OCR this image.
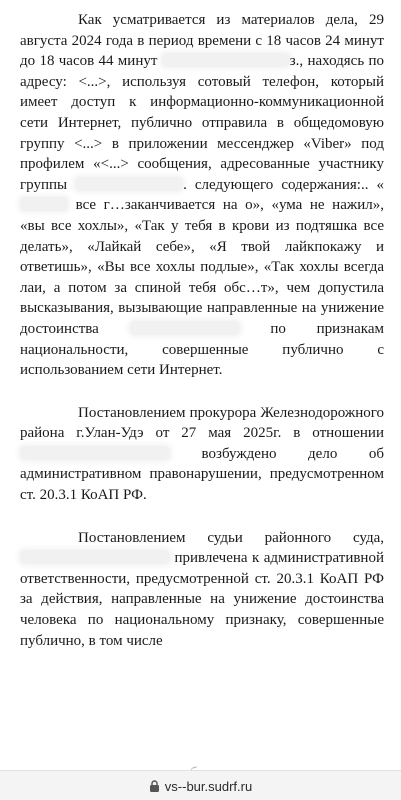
Как усматривается из материалов дела, 29 августа 2024 года в период времени с 18 часов 24 минут до 18 часов 44 минут	з., находясь по адресу: <...>, используя сотовый телефон, который имеет доступ к информационно-коммуникационной сети Интернет, публично отправила в общедомовую группу <...> в приложении мессенджер «Viber» под профилем «<...> сообщения, адресованные участнику группы	. следующего содержания:.. « все г…заканчивается на о», «ума не нажил», «вы все хохлы», «Так у тебя в крови из подтяшка все делать», «Лайкай себе», «Я твой лайкпокажу и ответишь», «Вы все хохлы подлые», «Так хохлы всегда лаи, а потом за спиной тебя обс…т», чем допустила высказывания, вызывающие направленные на унижение достоинства	по признакам национальности, совершенные публично с использованием сети Интернет.

Постановлением прокурора Железнодорожного района г.Улан-Удэ от 27 мая 2025г. в отношении  возбуждено дело об административном правонарушении, предусмотренном ст. 20.3.1 КоАП РФ.

Постановлением судьи районного суда,  привлечена к административной ответственности, предусмотренной ст. 20.3.1 КоАП РФ за действия, направленные на унижение достоинства человека по национальному признаку, совершенные публично, в том числе

vs--bur.sudrf.ru
